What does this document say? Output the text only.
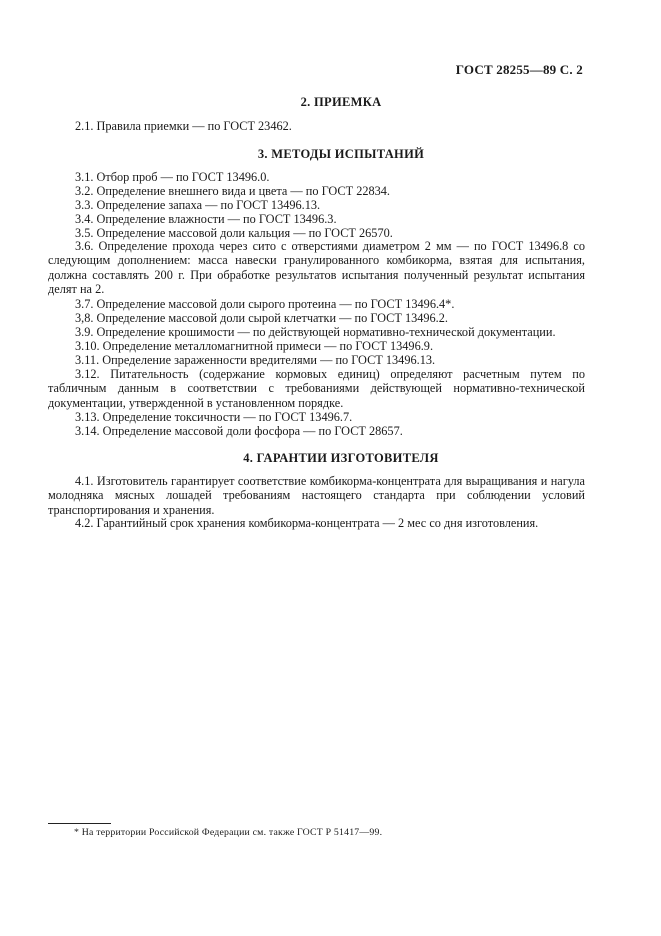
ГОСТ 28255—89 С. 2
2. ПРИЕМКА
2.1. Правила приемки — по ГОСТ 23462.
3. МЕТОДЫ ИСПЫТАНИЙ
3.1. Отбор проб — по ГОСТ 13496.0.
3.2. Определение внешнего вида и цвета — по ГОСТ 22834.
3.3. Определение запаха — по ГОСТ 13496.13.
3.4. Определение влажности — по ГОСТ 13496.3.
3.5. Определение массовой доли кальция — по ГОСТ 26570.
3.6. Определение прохода через сито с отверстиями диаметром 2 мм — по ГОСТ 13496.8 со следующим дополнением: масса навески гранулированного комбикорма, взятая для испытания, должна составлять 200 г. При обработке результатов испытания полученный результат испытания делят на 2.
3.7. Определение массовой доли сырого протеина — по ГОСТ 13496.4*.
3,8. Определение массовой доли сырой клетчатки — по ГОСТ 13496.2.
3.9. Определение крошимости — по действующей нормативно-технической документации.
3.10. Определение металломагнитной примеси — по ГОСТ 13496.9.
3.11. Определение зараженности вредителями — по ГОСТ 13496.13.
3.12. Питательность (содержание кормовых единиц) определяют расчетным путем по табличным данным в соответствии с требованиями действующей нормативно-технической документации, утвержденной в установленном порядке.
3.13. Определение токсичности — по ГОСТ 13496.7.
3.14. Определение массовой доли фосфора — по ГОСТ 28657.
4. ГАРАНТИИ ИЗГОТОВИТЕЛЯ
4.1. Изготовитель гарантирует соответствие комбикорма-концентрата для выращивания и нагула молодняка мясных лошадей требованиям настоящего стандарта при соблюдении условий транспортирования и хранения.
4.2. Гарантийный срок хранения комбикорма-концентрата — 2 мес со дня изготовления.
* На территории Российской Федерации см. также ГОСТ Р 51417—99.
